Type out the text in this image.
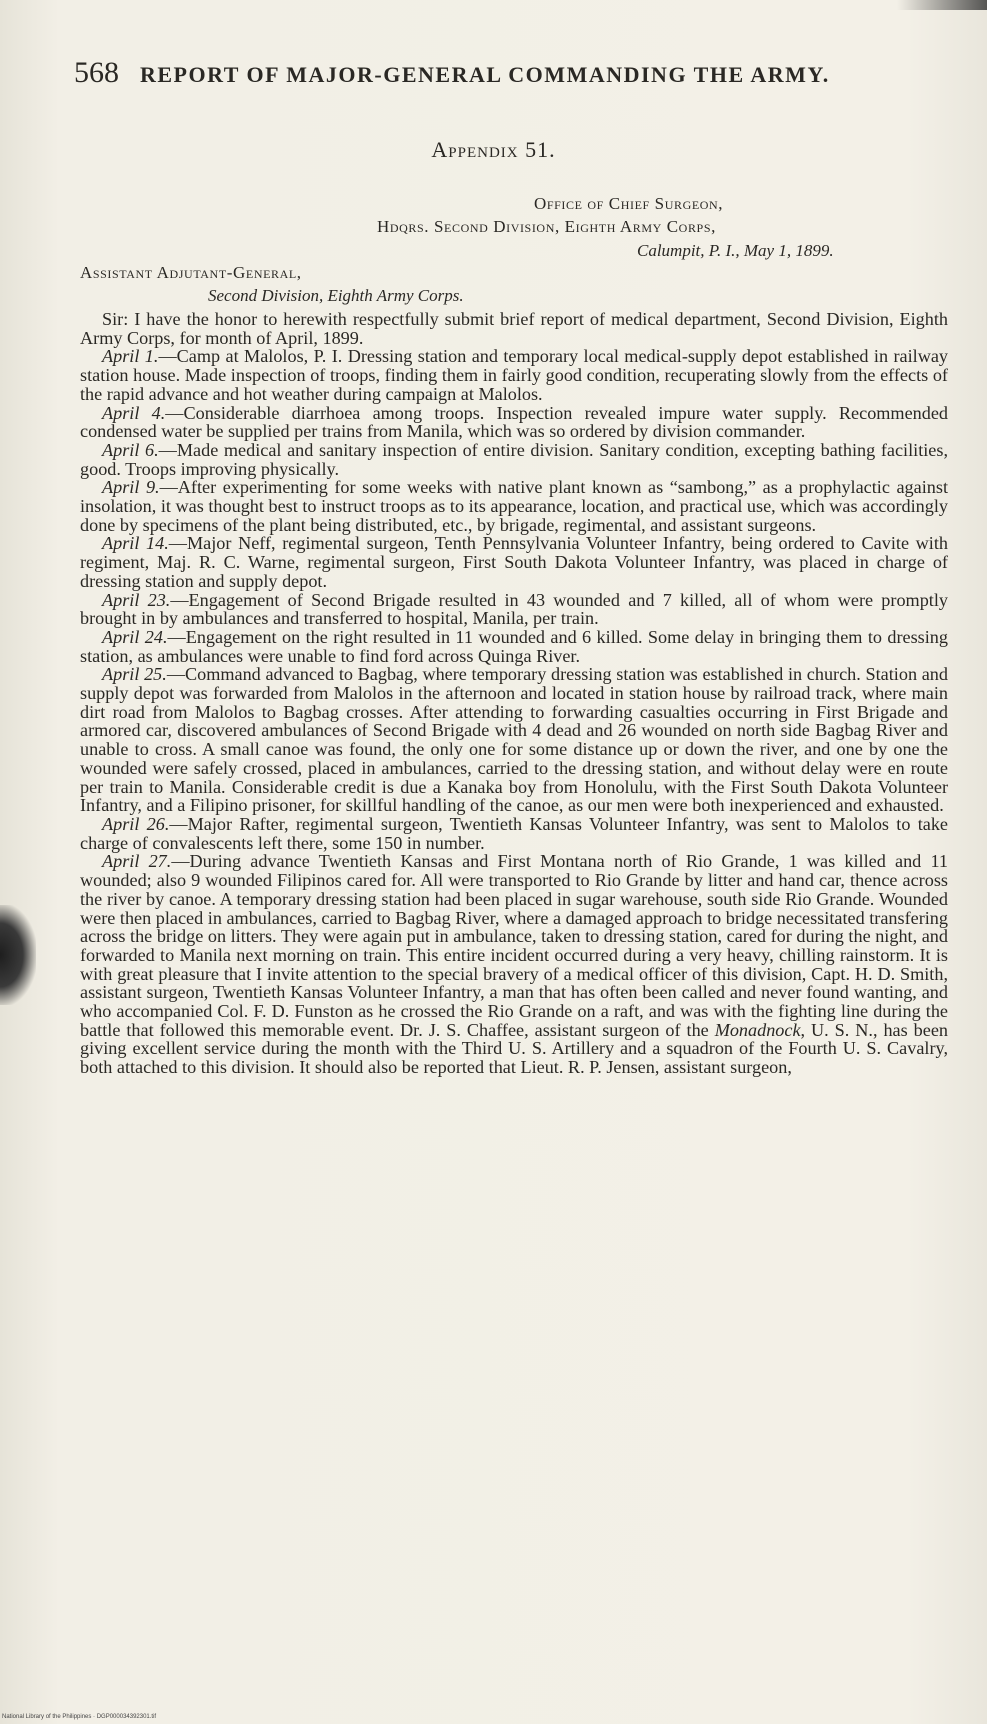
568 REPORT OF MAJOR-GENERAL COMMANDING THE ARMY.
Appendix 51.
Office of Chief Surgeon,
Hdqrs. Second Division, Eighth Army Corps,
Calumpit, P. I., May 1, 1899.
Assistant Adjutant-General,
Second Division, Eighth Army Corps.

Sir: I have the honor to herewith respectfully submit brief report of medical department, Second Division, Eighth Army Corps, for month of April, 1899.

April 1.—Camp at Malolos, P. I. Dressing station and temporary local medical-supply depot established in railway station house. Made inspection of troops, finding them in fairly good condition, recuperating slowly from the effects of the rapid advance and hot weather during campaign at Malolos.

April 4.—Considerable diarrhoea among troops. Inspection revealed impure water supply. Recommended condensed water be supplied per trains from Manila, which was so ordered by division commander.

April 6.—Made medical and sanitary inspection of entire division. Sanitary condition, excepting bathing facilities, good. Troops improving physically.

April 9.—After experimenting for some weeks with native plant known as “sambong,” as a prophylactic against insolation, it was thought best to instruct troops as to its appearance, location, and practical use, which was accordingly done by specimens of the plant being distributed, etc., by brigade, regimental, and assistant surgeons.

April 14.—Major Neff, regimental surgeon, Tenth Pennsylvania Volunteer Infantry, being ordered to Cavite with regiment, Maj. R. C. Warne, regimental surgeon, First South Dakota Volunteer Infantry, was placed in charge of dressing station and supply depot.

April 23.—Engagement of Second Brigade resulted in 43 wounded and 7 killed, all of whom were promptly brought in by ambulances and transferred to hospital, Manila, per train.

April 24.—Engagement on the right resulted in 11 wounded and 6 killed. Some delay in bringing them to dressing station, as ambulances were unable to find ford across Quinga River.

April 25.—Command advanced to Bagbag, where temporary dressing station was established in church. Station and supply depot was forwarded from Malolos in the afternoon and located in station house by railroad track, where main dirt road from Malolos to Bagbag crosses. After attending to forwarding casualties occurring in First Brigade and armored car, discovered ambulances of Second Brigade with 4 dead and 26 wounded on north side Bagbag River and unable to cross. A small canoe was found, the only one for some distance up or down the river, and one by one the wounded were safely crossed, placed in ambulances, carried to the dressing station, and without delay were en route per train to Manila. Considerable credit is due a Kanaka boy from Honolulu, with the First South Dakota Volunteer Infantry, and a Filipino prisoner, for skillful handling of the canoe, as our men were both inexperienced and exhausted.

April 26.—Major Rafter, regimental surgeon, Twentieth Kansas Volunteer Infantry, was sent to Malolos to take charge of convalescents left there, some 150 in number.

April 27.—During advance Twentieth Kansas and First Montana north of Rio Grande, 1 was killed and 11 wounded; also 9 wounded Filipinos cared for. All were transported to Rio Grande by litter and hand car, thence across the river by canoe. A temporary dressing station had been placed in sugar warehouse, south side Rio Grande. Wounded were then placed in ambulances, carried to Bagbag River, where a damaged approach to bridge necessitated transfering across the bridge on litters. They were again put in ambulance, taken to dressing station, cared for during the night, and forwarded to Manila next morning on train. This entire incident occurred during a very heavy, chilling rainstorm. It is with great pleasure that I invite attention to the special bravery of a medical officer of this division, Capt. H. D. Smith, assistant surgeon, Twentieth Kansas Volunteer Infantry, a man that has often been called and never found wanting, and who accompanied Col. F. D. Funston as he crossed the Rio Grande on a raft, and was with the fighting line during the battle that followed this memorable event. Dr. J. S. Chaffee, assistant surgeon of the Monadnock, U. S. N., has been giving excellent service during the month with the Third U. S. Artillery and a squadron of the Fourth U. S. Cavalry, both attached to this division. It should also be reported that Lieut. R. P. Jensen, assistant surgeon,

National Library of the Philippines · DGP000034392301.tif
